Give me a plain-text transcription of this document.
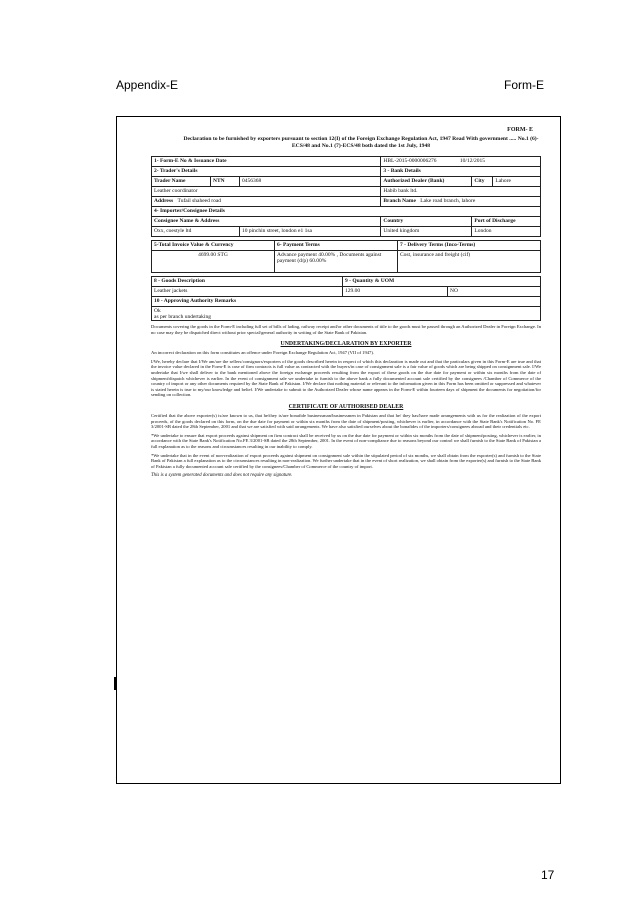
Appendix-E	Form-E
FORM- E
Declaration to be furnished by exporters pursuant to section 12(I) of the Foreign Exchange Regulation Act, 1947 Read With government ..... No.1 (6)-ECS/48 and No.1 (7)-ECS/48 both dated the 1st July, 1948
1- Form-E No & Issuance Date			HBL-2015-0000006276 10/12/2015		
2- Trader's Details			3 - Bank Details		
Trader Name	NTN	0456368	Authorized Dealer (Bank)	City	Lahore
Leather coordinator			Habib bank ltd.		
Address Tufail shaheed road			Branch Name Lake road branch, lahore		
4- Importer/Consignee Details					
Consignee Name & Address			Country	Port of Discharge	
Oxx, coestyle ltd		10 pinchin street, london e1 1sa	United kingdom	London	
5-Total Invoice Value & Currency	6- Payment Terms	7 - Delivery Terms (Inco-Terms)
4699.00 STG	Advance payment 40.00% , Documents against payment (d/p) 60.00%	Cost, insurance and freight (cif)
8 - Goods Description	9 - Quantity & UOM	
Leather jackets	129.00	NO
10 - Approving Authority Remarks		

Ok
as per branch undertaking		
Documents covering the goods in the Form-E including full set of bills of lading, railway receipt and/or other documents of title to the goods must be passed through an Authorized Dealer in Foreign Exchange. In no case may they be dispatched direct without prior special/general authority in writing of the State Bank of Pakistan.
UNDERTAKING/DECLARATION BY EXPORTER
An incorrect declaration on this form constitutes an offence under Foreign Exchange Regulation Act, 1947 (VII of 1947).
I/We, hereby declare that I/We am/are the sellers/consignors/exporters of the goods described herein in respect of which this declaration is made out and that the particulars given in this Form-E are true and that the invoice value declared in the Form-E is case of firm contracts is full value as contracted with the buyers/in case of consignment sale is a fair value of goods which are being shipped on consignment sale. I/We undertake that I/we shall deliver to the bank mentioned above the foreign exchange proceeds resulting from the export of these goods on the due date for payment or within six months from the date of shipment/dispatch whichever is earlier. In the event of consignment sale we undertake to furnish to the above bank a fully documented account sale certified by the consignees /Chamber of Commerce of the country of import or any other documents required by the State Bank of Pakistan. I/We declare that nothing material or relevant to the information given in this Form has been omitted or suppressed and whatever is stated herein is true to my/our knowledge and belief. I/We undertake to submit to the Authorized Dealer whose name appears in the Form-E within fourteen days of shipment the documents for negotiation/for sending on collection.
CERTIFICATE OF AUTHORISED DEALER
Certified that the above exporter(s) is/are known to us, that he/they is/are bonafide businessman/businessmen in Pakistan and that he/ they has/have made arrangements with us for the realization of the export proceeds, of the goods declared on this form, on the due date for payment or within six months from the date of shipment/posting, whichever is earlier, in accordance with the State Bank's Notification No. FE 3/2001-SB dated the 28th September, 2001 and that we are satisfied with said arrangements. We have also satisfied ourselves about the bonafides of the importers/consignees abroad and their credentials etc.
*We undertake to ensure that export proceeds against shipment on firm contract shall be received by us on the due date for payment or within six months from the date of shipment/posting, whichever is earlier, in accordance with the State Bank's Notification No.FE 3/2001-SB dated the 28th September, 2001. In the event of non-compliance due to reasons beyond our control we shall furnish to the State Bank of Pakistan a full explanation as to the reasons and circumstances resulting in our inability to comply.
*We undertake that in the event of non-realization of export proceeds against shipment on consignment sale within the stipulated period of six months, we shall obtain from the exporter(s) and furnish to the State Bank of Pakistan a full explanation as to the circumstances resulting in non-realization. We further undertake that in the event of short realization, we shall obtain from the exporter(s) and furnish to the State Bank of Pakistan a fully documented account sale certified by the consignees/Chamber of Commerce of the country of import.
This is a system generated documents and does not require any signature.
17
